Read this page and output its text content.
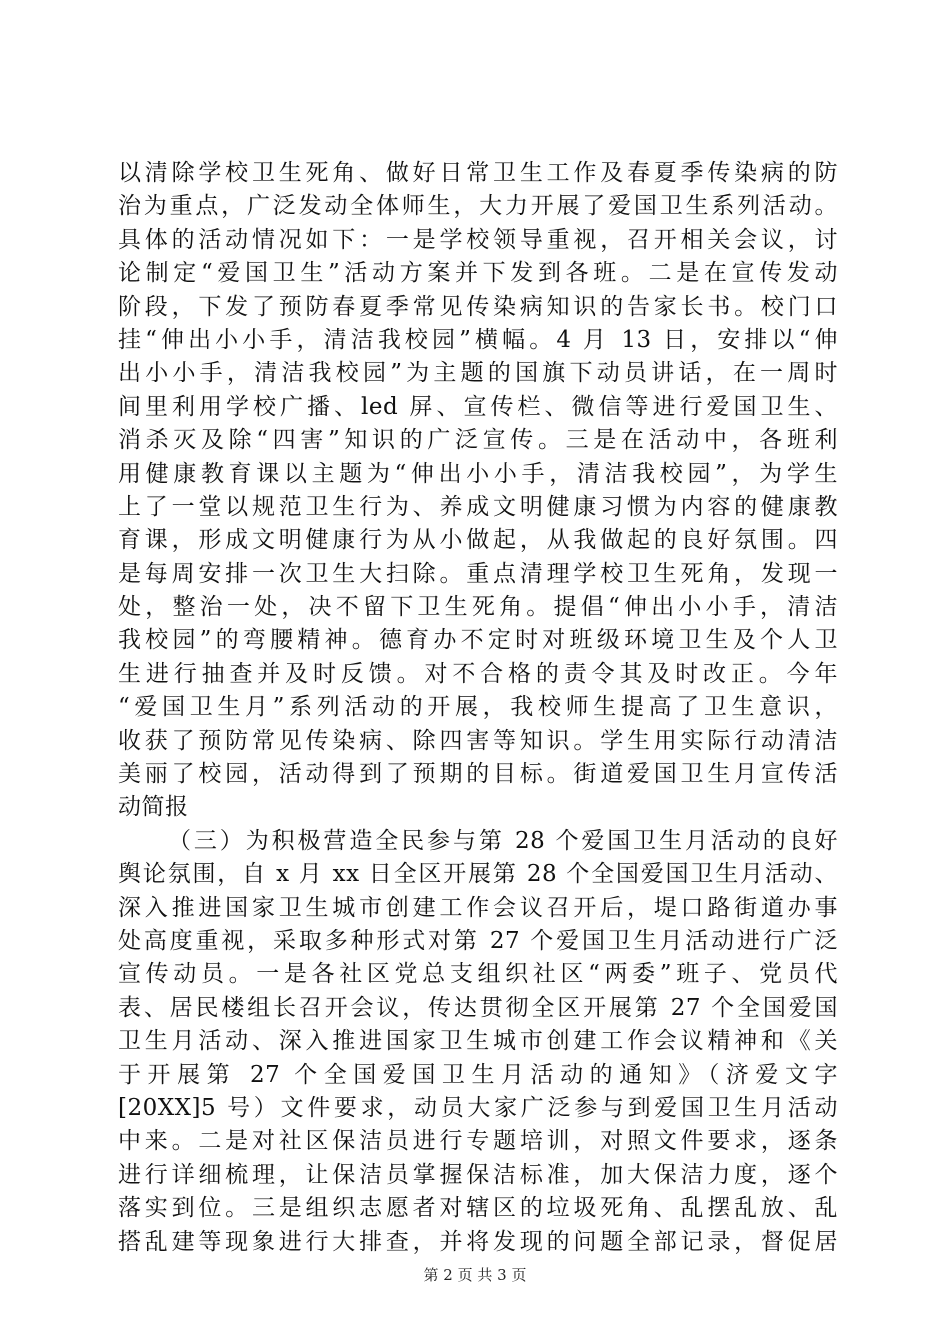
以清除学校卫生死角、做好日常卫生工作及春夏季传染病的防
治为重点，广泛发动全体师生，大力开展了爱国卫生系列活动。
具体的活动情况如下：一是学校领导重视，召开相关会议，讨
论制定“爱国卫生”活动方案并下发到各班。二是在宣传发动
阶段，下发了预防春夏季常见传染病知识的告家长书。校门口
挂“伸出小小手，清洁我校园”横幅。4 月 13 日，安排以“伸
出小小手，清洁我校园”为主题的国旗下动员讲话，在一周时
间里利用学校广播、led 屏、宣传栏、微信等进行爱国卫生、
消杀灭及除“四害”知识的广泛宣传。三是在活动中，各班利
用健康教育课以主题为“伸出小小手，清洁我校园”，为学生
上了一堂以规范卫生行为、养成文明健康习惯为内容的健康教
育课，形成文明健康行为从小做起，从我做起的良好氛围。四
是每周安排一次卫生大扫除。重点清理学校卫生死角，发现一
处，整治一处，决不留下卫生死角。提倡“伸出小小手，清洁
我校园”的弯腰精神。德育办不定时对班级环境卫生及个人卫
生进行抽查并及时反馈。对不合格的责令其及时改正。今年
“爱国卫生月”系列活动的开展，我校师生提高了卫生意识，
收获了预防常见传染病、除四害等知识。学生用实际行动清洁
美丽了校园，活动得到了预期的目标。街道爱国卫生月宣传活
动简报
（三）为积极营造全民参与第 28 个爱国卫生月活动的良好
舆论氛围，自 x 月 xx 日全区开展第 28 个全国爱国卫生月活动、
深入推进国家卫生城市创建工作会议召开后，堤口路街道办事
处高度重视，采取多种形式对第 27 个爱国卫生月活动进行广泛
宣传动员。一是各社区党总支组织社区“两委”班子、党员代
表、居民楼组长召开会议，传达贯彻全区开展第 27 个全国爱国
卫生月活动、深入推进国家卫生城市创建工作会议精神和《关
于开展第 27 个全国爱国卫生月活动的通知》（济爱文字
[20XX]5 号）文件要求，动员大家广泛参与到爱国卫生月活动
中来。二是对社区保洁员进行专题培训，对照文件要求，逐条
进行详细梳理，让保洁员掌握保洁标准，加大保洁力度，逐个
落实到位。三是组织志愿者对辖区的垃圾死角、乱摆乱放、乱
搭乱建等现象进行大排查，并将发现的问题全部记录，督促居
第 2 页 共 3 页
